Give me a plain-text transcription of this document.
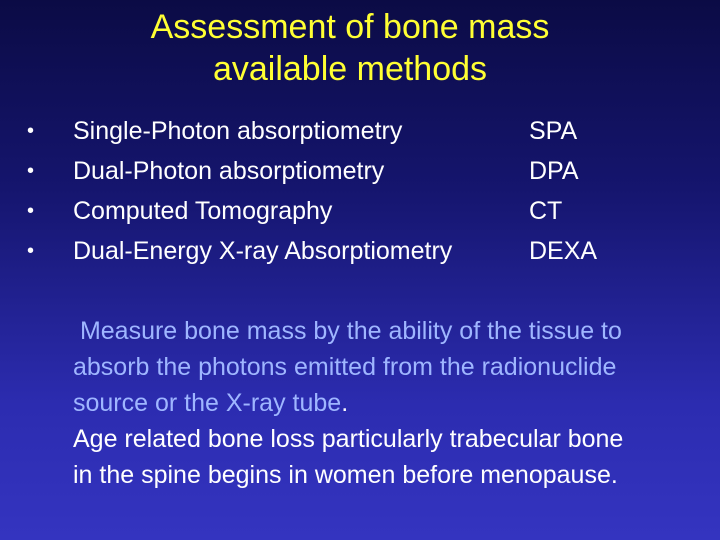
Assessment of bone mass
available methods
• Single-Photon absorptiometry	SPA
• Dual-Photon absorptiometry	DPA
• Computed Tomography	CT
• Dual-Energy X-ray Absorptiometry	DEXA

Measure bone mass by the ability of the tissue to
absorb the photons emitted from the radionuclide
source or the X-ray tube.

Age related bone loss particularly trabecular bone
in the spine begins in women before menopause.
